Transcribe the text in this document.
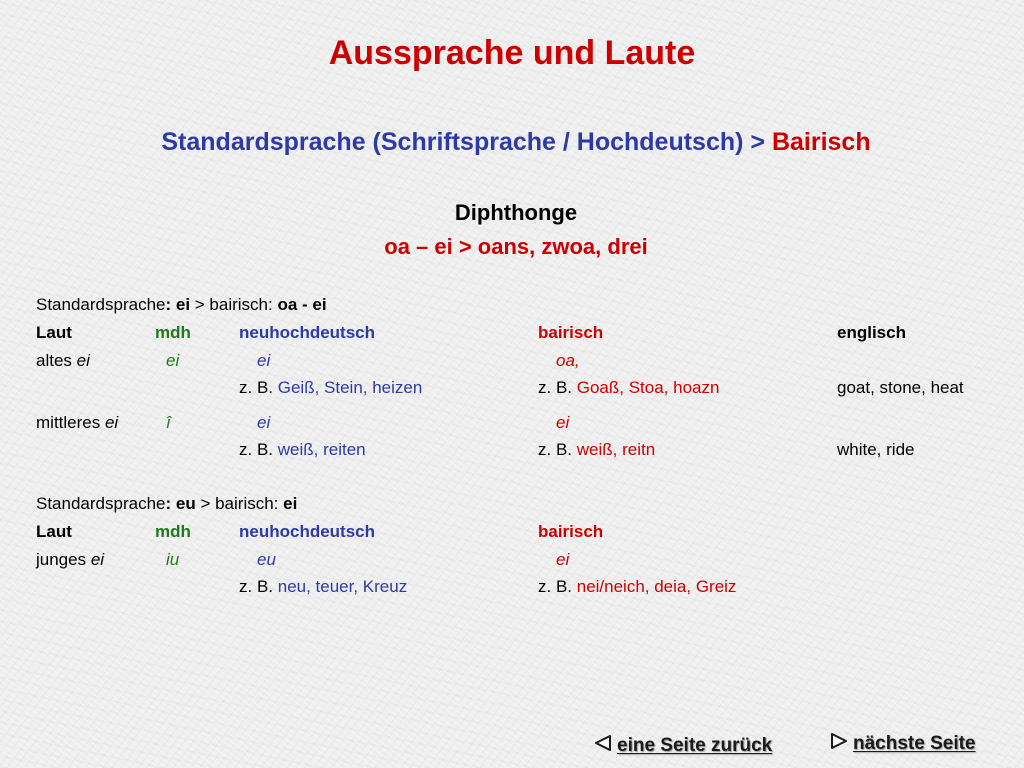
Aussprache und Laute
Standardsprache (Schriftsprache / Hochdeutsch) > Bairisch
Diphthonge
oa – ei > oans, zwoa, drei
Standardsprache: ei > bairisch: oa - ei
Laut	mdh	neuhochdeutsch	bairisch	englisch
altes ei	ei	ei	oa,
z. B. Geiß, Stein, heizen	z. B. Goaß, Stoa, hoazn	goat, stone, heat
mittleres ei	î	ei	ei
z. B. weiß, reiten	z. B. weiß, reitn	white, ride
Standardsprache: eu > bairisch: ei
Laut	mdh	neuhochdeutsch	bairisch
junges ei	iu	eu	ei
z. B. neu, teuer, Kreuz	z. B. nei/neich, deia, Greiz
eine Seite zurück	nächste Seite
